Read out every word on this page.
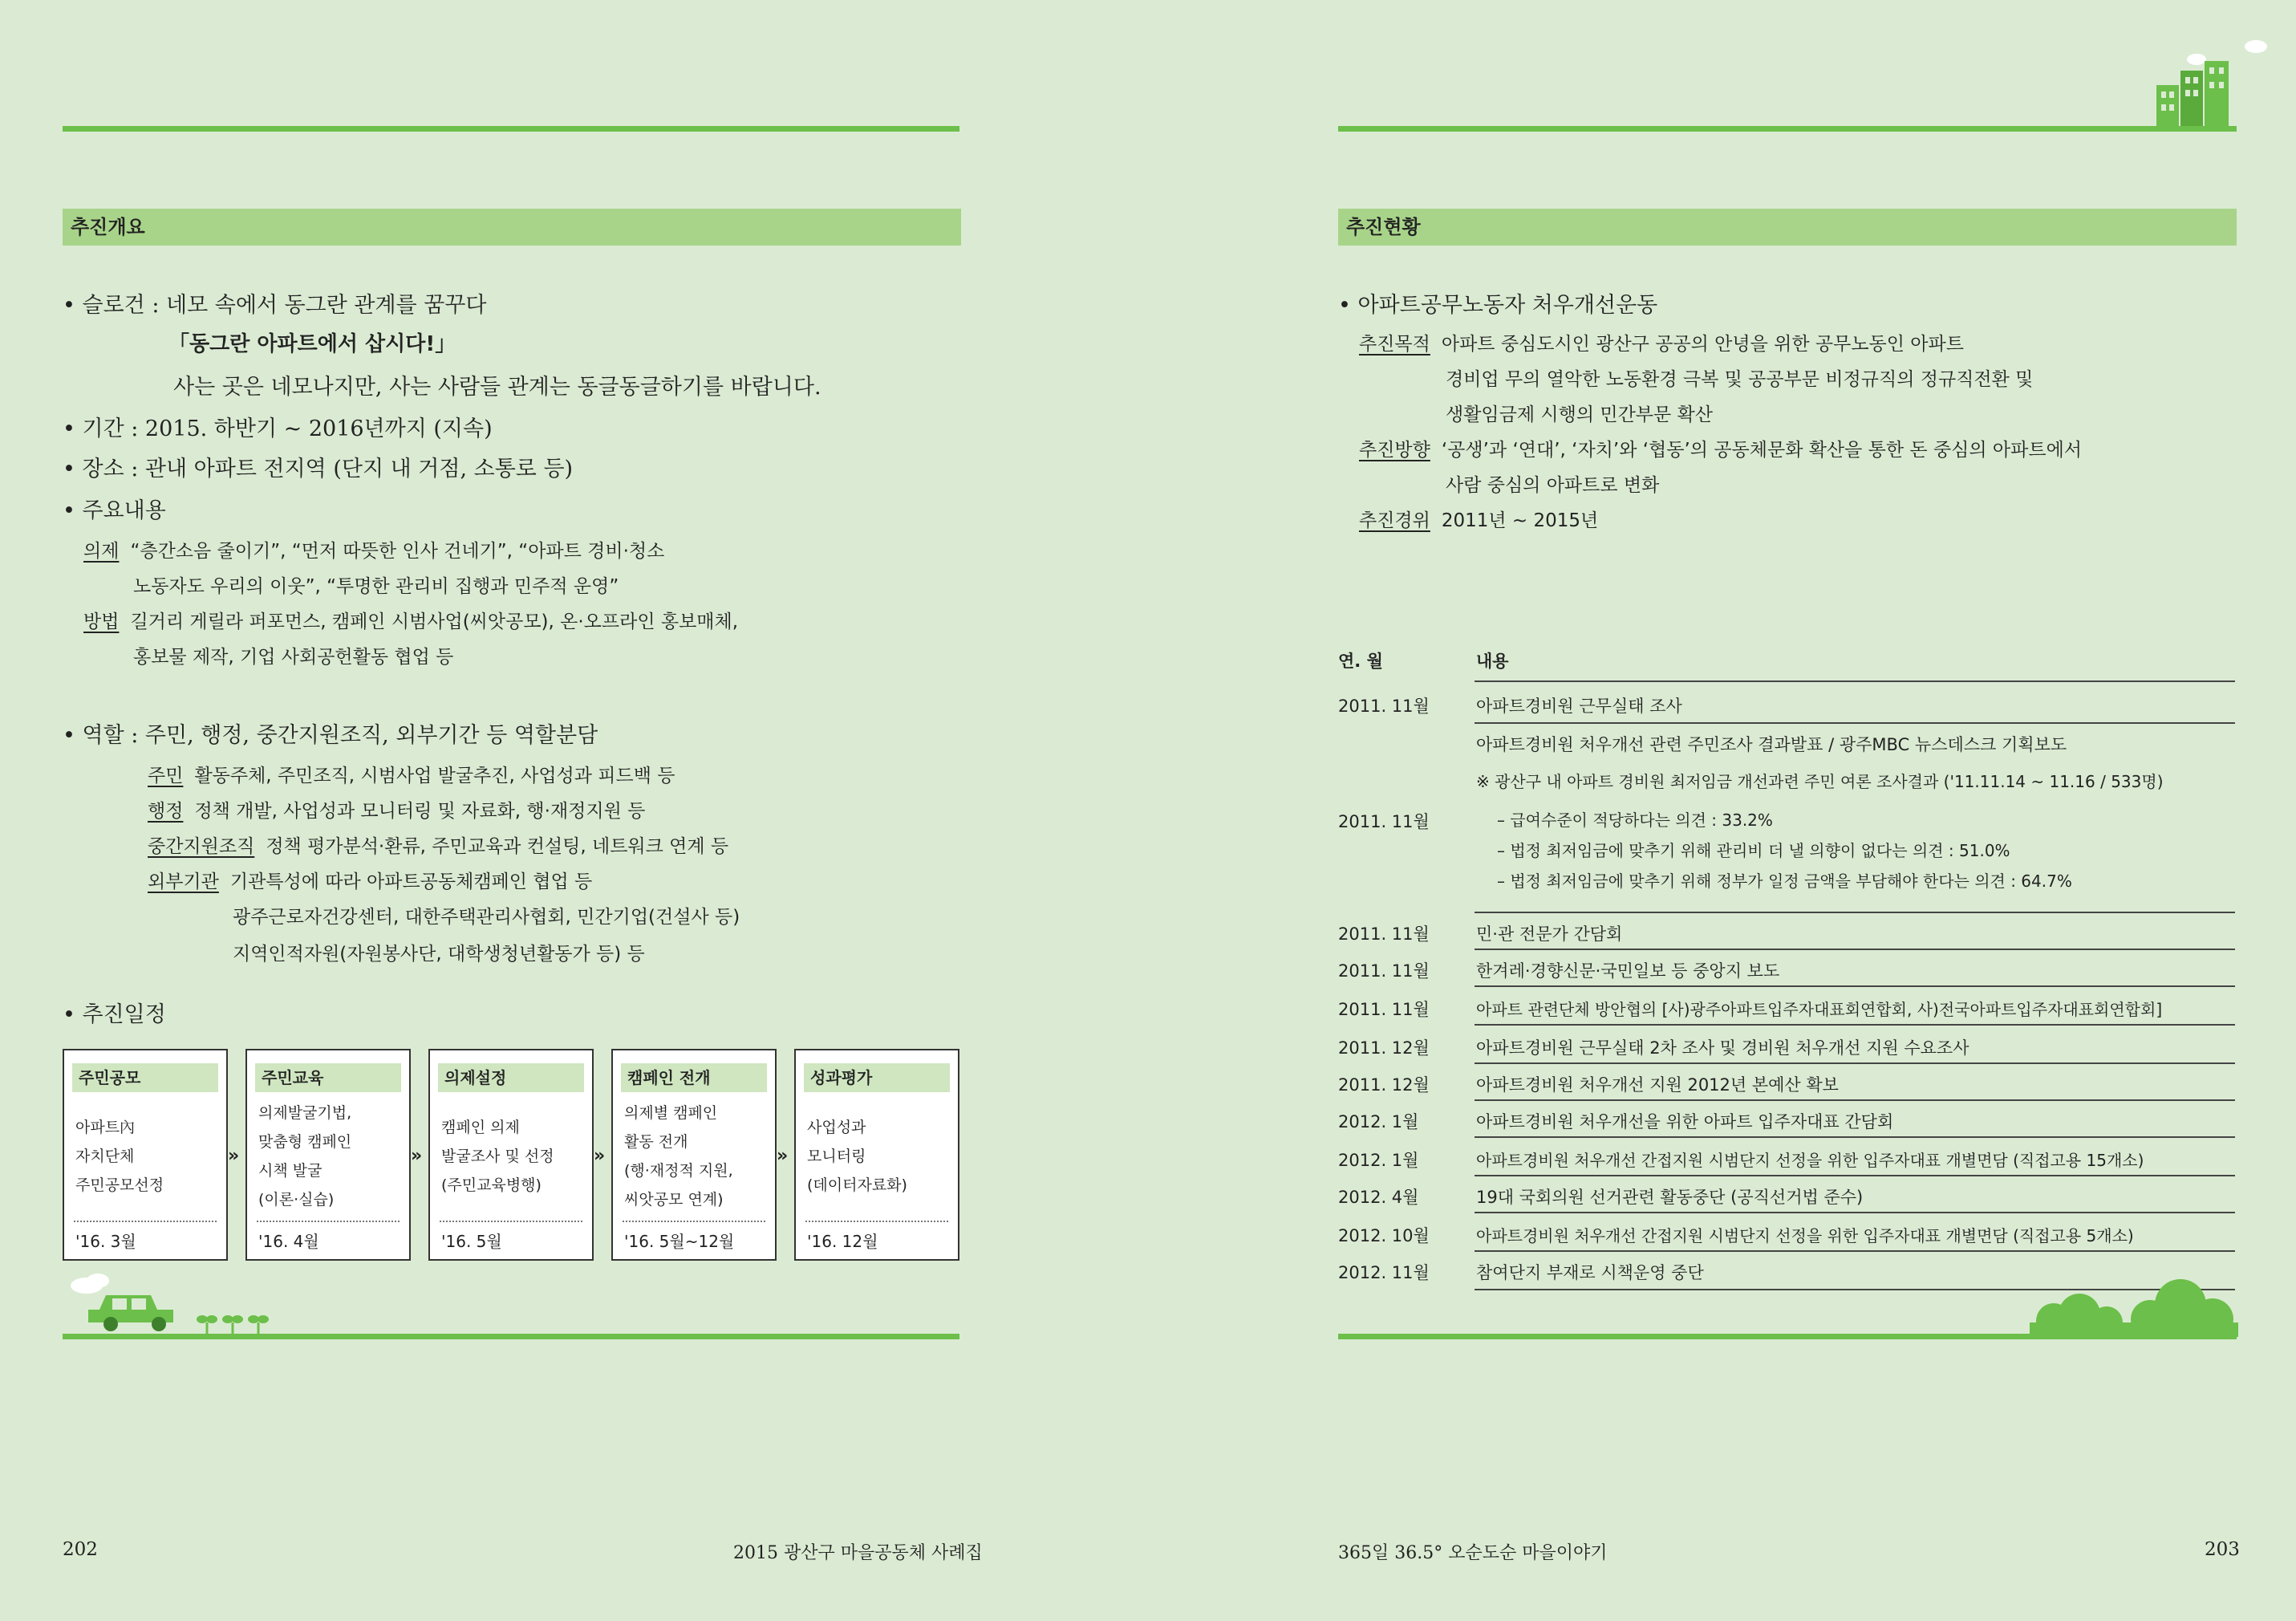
추진개요
• 슬로건 : 네모 속에서 동그란 관계를 꿈꾸다
「동그란 아파트에서 삽시다!」
사는 곳은 네모나지만, 사는 사람들 관계는 동글동글하기를 바랍니다.
• 기간 : 2015. 하반기 ~ 2016년까지 (지속)
• 장소 : 관내 아파트 전지역 (단지 내 거점, 소통로 등)
• 주요내용
의제 “층간소음 줄이기”, “먼저 따뜻한 인사 건네기”, “아파트 경비·청소
노동자도 우리의 이웃”, “투명한 관리비 집행과 민주적 운영”
방법 길거리 게릴라 퍼포먼스, 캠페인 시범사업(씨앗공모), 온·오프라인 홍보매체,
홍보물 제작, 기업 사회공헌활동 협업 등
• 역할 : 주민, 행정, 중간지원조직, 외부기간 등 역할분담
주민 활동주체, 주민조직, 시범사업 발굴추진, 사업성과 피드백 등
행정 정책 개발, 사업성과 모니터링 및 자료화, 행·재정지원 등
중간지원조직 정책 평가분석·환류, 주민교육과 컨설팅, 네트워크 연계 등
외부기관 기관특성에 따라 아파트공동체캠페인 협업 등
광주근로자건강센터, 대한주택관리사협회, 민간기업(건설사 등)
지역인적자원(자원봉사단, 대학생청년활동가 등) 등
• 추진일정
주민공모
아파트內
자치단체
주민공모선정
'16. 3월
»
주민교육
의제발굴기법,
맞춤형 캠페인
시책 발굴
(이론·실습)
'16. 4월
»
의제설정
캠페인 의제
발굴조사 및 선정
(주민교육병행)
'16. 5월
»
캠페인 전개
의제별 캠페인
활동 전개
(행·재정적 지원,
씨앗공모 연계)
'16. 5월~12월
»
성과평가
사업성과
모니터링
(데이터자료화)
'16. 12월
202	2015 광산구 마을공동체 사례집
추진현황
• 아파트공무노동자 처우개선운동
추진목적 아파트 중심도시인 광산구 공공의 안녕을 위한 공무노동인 아파트
경비업 무의 열악한 노동환경 극복 및 공공부문 비정규직의 정규직전환 및
생활임금제 시행의 민간부문 확산
추진방향 ‘공생’과 ‘연대’, ‘자치’와 ‘협동’의 공동체문화 확산을 통한 돈 중심의 아파트에서
사람 중심의 아파트로 변화
추진경위 2011년 ~ 2015년
연. 월	내용
2011. 11월	아파트경비원 근무실태 조사
아파트경비원 처우개선 관련 주민조사 결과발표 / 광주MBC 뉴스데스크 기획보도
※ 광산구 내 아파트 경비원 최저임금 개선과련 주민 여론 조사결과 ('11.11.14 ~ 11.16 / 533명)
2011. 11월	– 급여수준이 적당하다는 의견 : 33.2%
– 법정 최저임금에 맞추기 위해 관리비 더 낼 의향이 없다는 의견 : 51.0%
– 법정 최저임금에 맞추기 위해 정부가 일정 금액을 부담해야 한다는 의견 : 64.7%
2011. 11월	민·관 전문가 간담회
2011. 11월	한겨레·경향신문·국민일보 등 중앙지 보도
2011. 11월	아파트 관련단체 방안협의 [사)광주아파트입주자대표회연합회, 사)전국아파트입주자대표회연합회]
2011. 12월	아파트경비원 근무실태 2차 조사 및 경비원 처우개선 지원 수요조사
2011. 12월	아파트경비원 처우개선 지원 2012년 본예산 확보
2012. 1월	아파트경비원 처우개선을 위한 아파트 입주자대표 간담회
2012. 1월	아파트경비원 처우개선 간접지원 시범단지 선정을 위한 입주자대표 개별면담 (직접고용 15개소)
2012. 4월	19대 국회의원 선거관련 활동중단 (공직선거법 준수)
2012. 10월	아파트경비원 처우개선 간접지원 시범단지 선정을 위한 입주자대표 개별면담 (직접고용 5개소)
2012. 11월	참여단지 부재로 시책운영 중단
365일 36.5° 오순도순 마을이야기	203
